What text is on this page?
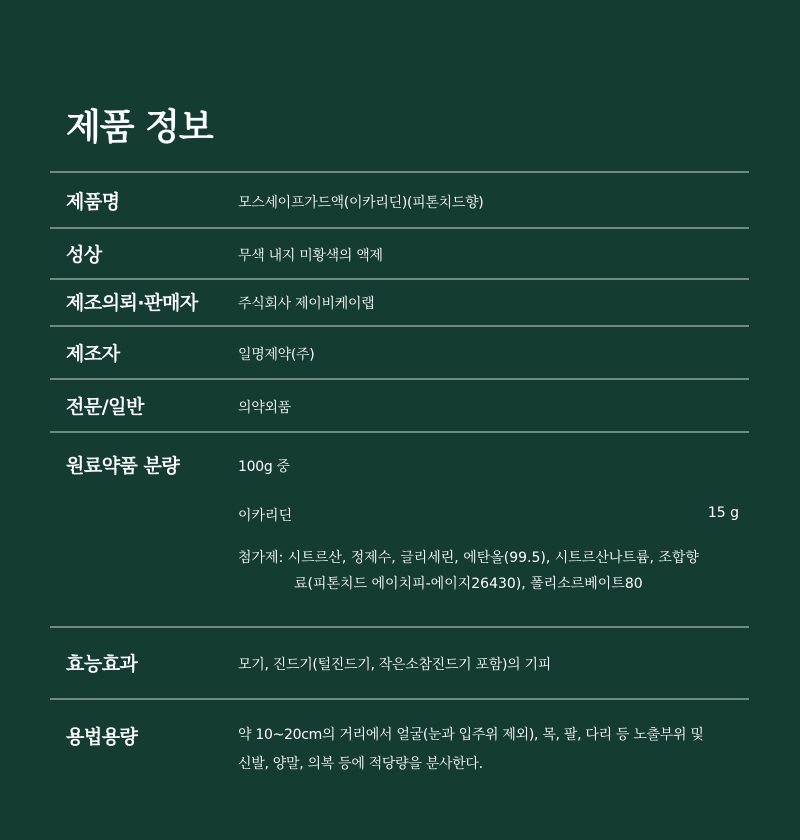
제품 정보
제품명	모스세이프가드액(이카리딘)(피톤치드향)
성상	무색 내지 미황색의 액제
제조의뢰·판매자	주식회사 제이비케이랩
제조자	일명제약(주)
전문/일반	의약외품
원료약품 분량	100g 중
이카리딘	15 g
첨가제: 시트르산, 정제수, 글리세린, 에탄올(99.5), 시트르산나트륨, 조합향
료(피톤치드 에이치피-에이지26430), 폴리소르베이트80
효능효과	모기, 진드기(털진드기, 작은소참진드기 포함)의 기피
용법용량	약 10~20cm의 거리에서 얼굴(눈과 입주위 제외), 목, 팔, 다리 등 노출부위 및
신발, 양말, 의복 등에 적당량을 분사한다.
